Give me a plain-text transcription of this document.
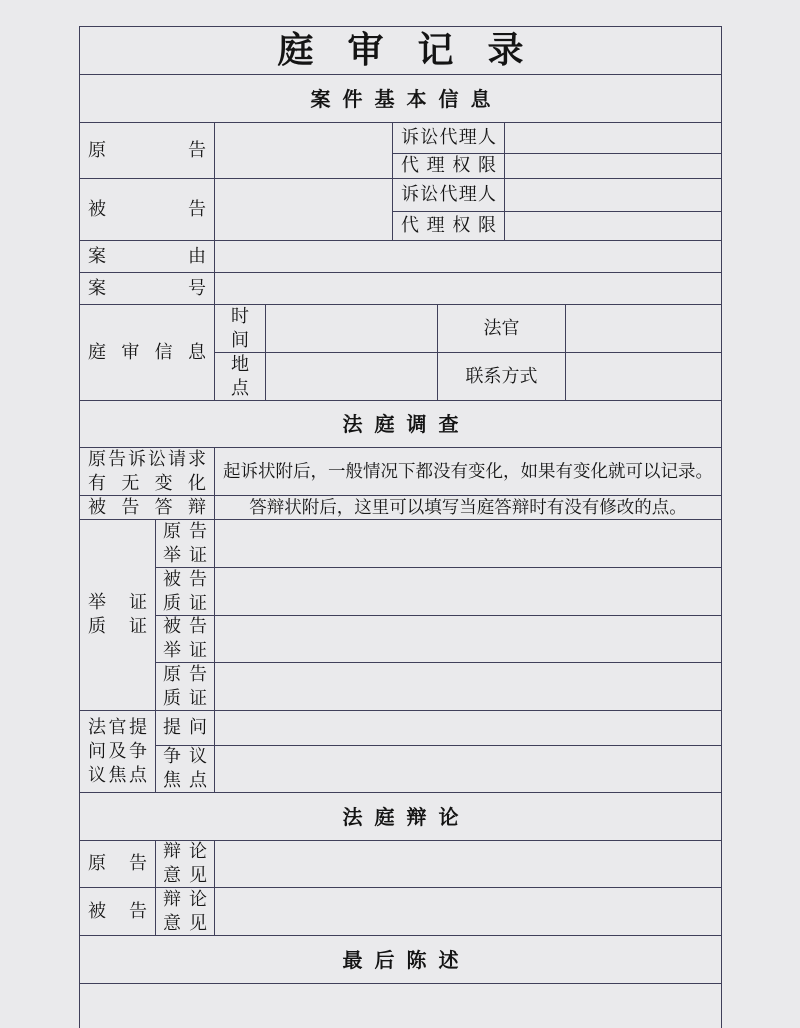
庭审记录
案件基本信息
原告
诉讼代理人
代理权限
被告
诉讼代理人
代理权限
案由
案号
庭审信息
时间
法官
地点
联系方式
法庭调查
原告诉讼请求
有无变化
起诉状附后，一般情况下都没有变化，如果有变化就可以记录。
被告答辩 答辩状附后，这里可以填写当庭答辩时有没有修改的点。
举证
质证
原告
举证
被告
质证
被告
举证
原告
质证
法官提
问及争
议焦点
提问
争议
焦点
法庭辩论
原告
辩论
意见
被告
辩论
意见
最后陈述
